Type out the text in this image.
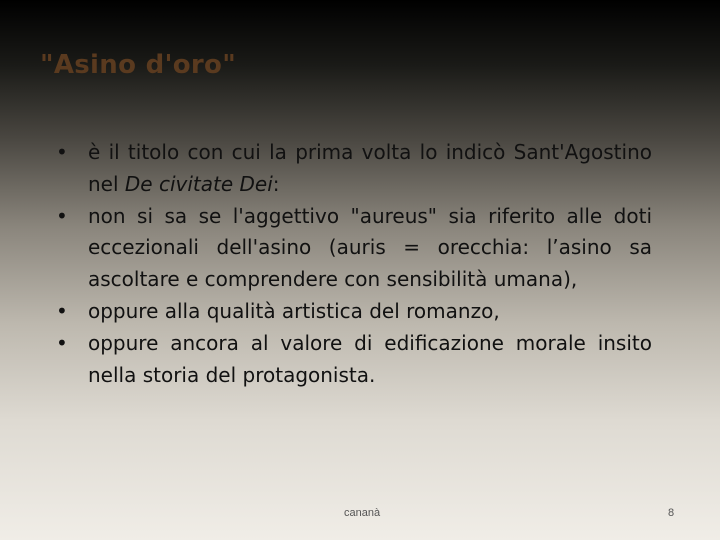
"Asino d'oro"
• è il titolo con cui la prima volta lo indicò Sant'Agostino nel De civitate Dei:
• non si sa se l'aggettivo "aureus" sia riferito alle doti eccezionali dell'asino (auris = orecchia: l’asino sa ascoltare e comprendere con sensibilità umana),
• oppure alla qualità artistica del romanzo,
• oppure ancora al valore di edificazione morale insito nella storia del protagonista.
cananà	8
